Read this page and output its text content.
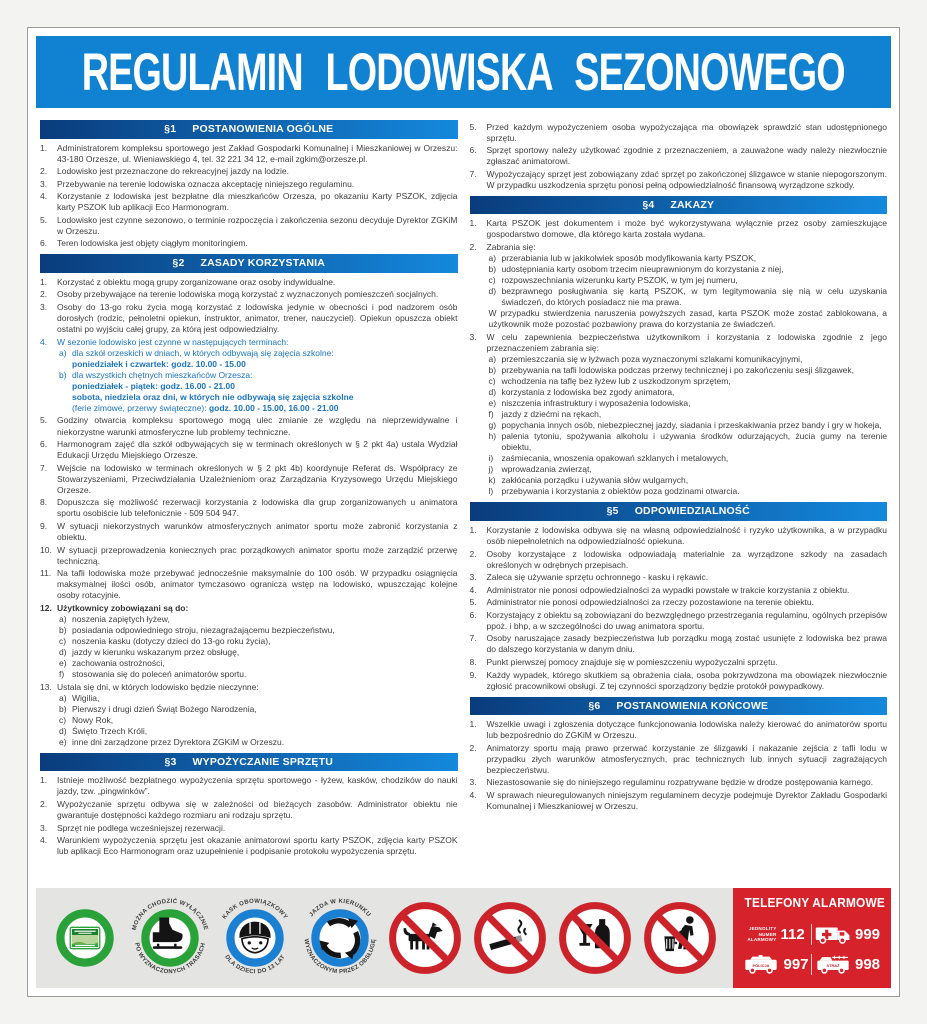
REGULAMIN LODOWISKA SEZONOWEGO
§1 POSTANOWIENIA OGÓLNE
1.	Administratorem kompleksu sportowego jest Zakład Gospodarki Komunalnej i Mieszkaniowej w Orzeszu: 43-180 Orzesze, ul. Wieniawskiego 4, tel. 32 221 34 12, e-mail zgkim@orzesze.pl.
2.	Lodowisko jest przeznaczone do rekreacyjnej jazdy na lodzie.
3.	Przebywanie na terenie lodowiska oznacza akceptację niniejszego regulaminu.
4.	Korzystanie z lodowiska jest bezpłatne dla mieszkańców Orzesza, po okazaniu Karty PSZOK, zdjęcia karty PSZOK lub aplikacji Eco Harmonogram.
5.	Lodowisko jest czynne sezonowo, o terminie rozpoczęcia i zakończenia sezonu decyduje Dyrektor ZGKiM w Orzeszu.
6.	Teren lodowiska jest objęty ciągłym monitoringiem.
§2 ZASADY KORZYSTANIA
1.	Korzystać z obiektu mogą grupy zorganizowane oraz osoby indywidualne.
2.	Osoby przebywające na terenie lodowiska mogą korzystać z wyznaczonych pomieszczeń socjalnych.
3.	Osoby do 13-go roku życia mogą korzystać z lodowiska jedynie w obecności i pod nadzorem osób dorosłych (rodzic, pełnoletni opiekun, instruktor, animator, trener, nauczyciel). Opiekun opuszcza obiekt ostatni po wyjściu całej grupy, za którą jest odpowiedzialny.
4.	W sezonie lodowisko jest czynne w następujących terminach:
a) dla szkół orzeskich w dniach, w których odbywają się zajęcia szkolne:
poniedziałek i czwartek: godz. 10.00 - 15.00
b) dla wszystkich chętnych mieszkańców Orzesza:
poniedziałek - piątek: godz. 16.00 - 21.00
sobota, niedziela oraz dni, w których nie odbywają się zajęcia szkolne
(ferie zimowe, przerwy świąteczne): godz. 10.00 - 15.00, 16.00 - 21.00
5.	Godziny otwarcia kompleksu sportowego mogą ulec zmianie ze względu na nieprzewidywalne i niekorzystne warunki atmosferyczne lub problemy techniczne.
6.	Harmonogram zajęć dla szkół odbywających się w terminach określonych w § 2 pkt 4a) ustala Wydział Edukacji Urzędu Miejskiego Orzesze.
7.	Wejście na lodowisko w terminach określonych w § 2 pkt 4b) koordynuje Referat ds. Współpracy ze Stowarzyszeniami, Przeciwdziałania Uzależnieniom oraz Zarządzania Kryzysowego Urzędu Miejskiego Orzesze.
8.	Dopuszcza się możliwość rezerwacji korzystania z lodowiska dla grup zorganizowanych u animatora sportu osobiście lub telefonicznie - 509 504 947.
9.	W sytuacji niekorzystnych warunków atmosferycznych animator sportu może zabronić korzystania z obiektu.
10. W sytuacji przeprowadzenia koniecznych prac porządkowych animator sportu może zarządzić przerwę techniczną.
11. Na tafli lodowiska może przebywać jednocześnie maksymalnie do 100 osób. W przypadku osiągnięcia maksymalnej ilości osób, animator tymczasowo ogranicza wstęp na lodowisko, wpuszczając kolejne osoby rotacyjnie.
12. Użytkownicy zobowiązani są do:
a) noszenia zapiętych łyżew,
b) posiadania odpowiedniego stroju, niezagrażającemu bezpieczeństwu,
c) noszenia kasku (dotyczy dzieci do 13-go roku życia),
d) jazdy w kierunku wskazanym przez obsługę,
e) zachowania ostrożności,
f) stosowania się do poleceń animatorów sportu.
13. Ustala się dni, w których lodowisko będzie nieczynne:
a) Wigilia,
b) Pierwszy i drugi dzień Świąt Bożego Narodzenia,
c) Nowy Rok,
d) Święto Trzech Króli,
e) inne dni zarządzone przez Dyrektora ZGKiM w Orzeszu.
§3 WYPOŻYCZANIE SPRZĘTU
1.	Istnieje możliwość bezpłatnego wypożyczenia sprzętu sportowego - łyżew, kasków, chodzików do nauki jazdy, tzw. „pingwinków”.
2.	Wypożyczanie sprzętu odbywa się w zależności od bieżących zasobów. Administrator obiektu nie gwarantuje dostępności każdego rozmiaru ani rodzaju sprzętu.
3.	Sprzęt nie podlega wcześniejszej rezerwacji.
4.	Warunkiem wypożyczenia sprzętu jest okazanie animatorowi sportu karty PSZOK, zdjęcia karty PSZOK lub aplikacji Eco Harmonogram oraz uzupełnienie i podpisanie protokołu wypożyczenia sprzętu.
5.	Przed każdym wypożyczeniem osoba wypożyczająca ma obowiązek sprawdzić stan udostępnionego sprzętu.
6.	Sprzęt sportowy należy użytkować zgodnie z przeznaczeniem, a zauważone wady należy niezwłocznie zgłaszać animatorowi.
7.	Wypożyczający sprzęt jest zobowiązany zdać sprzęt po zakończonej ślizgawce w stanie niepogorszonym. W przypadku uszkodzenia sprzętu ponosi pełną odpowiedzialność finansową wyrządzone szkody.
§4 ZAKAZY
1.	Karta PSZOK jest dokumentem i może być wykorzystywana wyłącznie przez osoby zamieszkujące gospodarstwo domowe, dla którego karta została wydana.
2.	Zabrania się:
a) przerabiania lub w jakikolwiek sposób modyfikowania karty PSZOK,
b) udostępniania karty osobom trzecim nieuprawnionym do korzystania z niej,
c) rozpowszechniania wizerunku karty PSZOK, w tym jej numeru,
d) bezprawnego posługiwania się kartą PSZOK, w tym legitymowania się nią w celu uzyskania świadczeń, do których posiadacz nie ma prawa.
W przypadku stwierdzenia naruszenia powyższych zasad, karta PSZOK może zostać zablokowana, a użytkownik może pozostać pozbawiony prawa do korzystania ze świadczeń.
3.	W celu zapewnienia bezpieczeństwa użytkownikom i korzystania z lodowiska zgodnie z jego przeznaczeniem zabrania się:
a) przemieszczania się w łyżwach poza wyznaczonymi szlakami komunikacyjnymi,
b) przebywania na tafli lodowiska podczas przerwy technicznej i po zakończeniu sesji ślizgawek,
c) wchodzenia na taflę bez łyżew lub z uszkodzonym sprzętem,
d) korzystania z lodowiska bez zgody animatora,
e) niszczenia infrastruktury i wyposażenia lodowiska,
f) jazdy z dziećmi na rękach,
g) popychania innych osób, niebezpiecznej jazdy, siadania i przeskakiwania przez bandy i gry w hokeja,
h) palenia tytoniu, spożywania alkoholu i używania środków odurzających, żucia gumy na terenie obiektu,
i) zaśmiecania, wnoszenia opakowań szklanych i metalowych,
j) wprowadzania zwierząt,
k) zakłócania porządku i używania słów wulgarnych,
l) przebywania i korzystania z obiektów poza godzinami otwarcia.
§5 ODPOWIEDZIALNOŚĆ
1.	Korzystanie z lodowiska odbywa się na własną odpowiedzialność i ryzyko użytkownika, a w przypadku osób niepełnoletnich na odpowiedzialność opiekuna.
2.	Osoby korzystające z lodowiska odpowiadają materialnie za wyrządzone szkody na zasadach określonych w odrębnych przepisach.
3.	Zaleca się używanie sprzętu ochronnego - kasku i rękawic.
4.	Administrator nie ponosi odpowiedzialności za wypadki powstałe w trakcie korzystania z obiektu.
5.	Administrator nie ponosi odpowiedzialności za rzeczy pozostawione na terenie obiektu.
6.	Korzystający z obiektu są zobowiązani do bezwzględnego przestrzegania regulaminu, ogólnych przepisów ppoż. i bhp, a w szczególności do uwag animatora sportu.
7.	Osoby naruszające zasady bezpieczeństwa lub porządku mogą zostać usunięte z lodowiska bez prawa do dalszego korzystania w danym dniu.
8.	Punkt pierwszej pomocy znajduje się w pomieszczeniu wypożyczalni sprzętu.
9.	Każdy wypadek, którego skutkiem są obrażenia ciała, osoba pokrzywdzona ma obowiązek niezwłocznie zgłosić pracownikowi obsługi. Z tej czynności sporządzony będzie protokół powypadkowy.
§6 POSTANOWIENIA KOŃCOWE
1.	Wszelkie uwagi i zgłoszenia dotyczące funkcjonowania lodowiska należy kierować do animatorów sportu lub bezpośrednio do ZGKiM w Orzeszu.
2.	Animatorzy sportu mają prawo przerwać korzystanie ze ślizgawki i nakazanie zejścia z tafli lodu w przypadku złych warunków atmosferycznych, prac technicznych lub innych sytuacji zagrażających bezpieczeństwu.
3.	Niezastosowanie się do niniejszego regulaminu rozpatrywane będzie w drodze postępowania karnego.
4.	W sprawach nieuregulowanych niniejszym regulaminem decyzje podejmuje Dyrektor Zakładu Gospodarki Komunalnej i Mieszkaniowej w Orzeszu.
MOŻNA CHODZIĆ WYŁĄCZNIE
PO WYZNACZONYCH TRASACH
KASK OBOWIĄZKOWY
DLA DZIECI DO 13 LAT
JAZDA W KIERUNKU
WYZNACZONYM PRZEZ OBSŁUGĘ
TELEFONY ALARMOWE
JEDNOLITY
NUMER
ALARMOWY 112	999
POLICJA 997	STRAŻ 998
